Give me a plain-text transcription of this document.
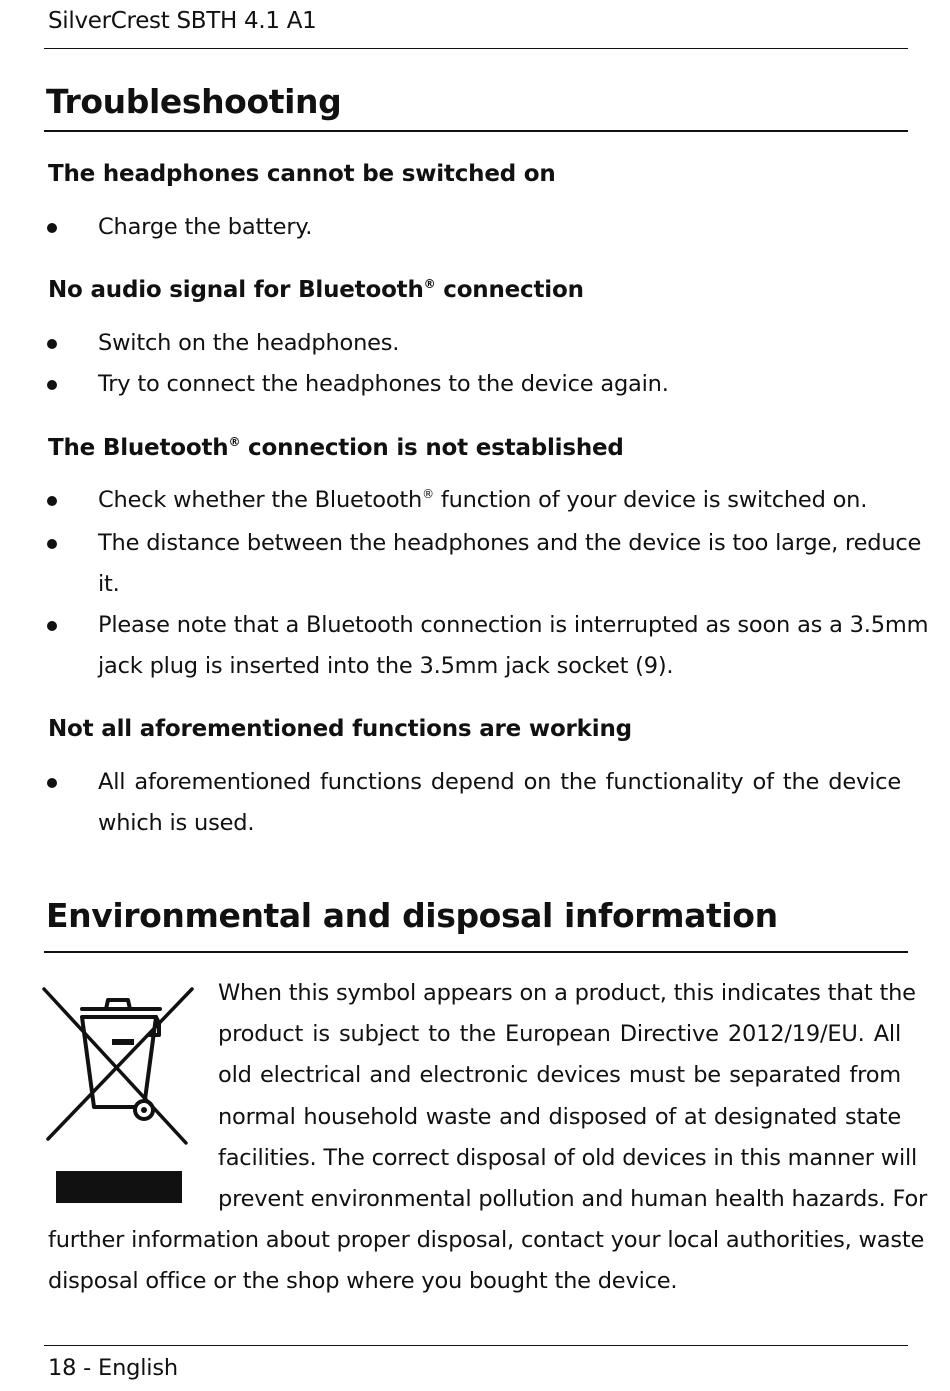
SilverCrest SBTH 4.1 A1
Troubleshooting
The headphones cannot be switched on
Charge the battery.
No audio signal for Bluetooth® connection
Switch on the headphones.
Try to connect the headphones to the device again.
The Bluetooth® connection is not established
Check whether the Bluetooth® function of your device is switched on.
The distance between the headphones and the device is too large, reduce
it.
Please note that a Bluetooth connection is interrupted as soon as a 3.5mm
jack plug is inserted into the 3.5mm jack socket (9).
Not all aforementioned functions are working
All aforementioned functions depend on the functionality of the device
which is used.
Environmental and disposal information
When this symbol appears on a product, this indicates that the
product is subject to the European Directive 2012/19/EU. All
old electrical and electronic devices must be separated from
normal household waste and disposed of at designated state
facilities. The correct disposal of old devices in this manner will
prevent environmental pollution and human health hazards. For
further information about proper disposal, contact your local authorities, waste
disposal office or the shop where you bought the device.
18 - English
